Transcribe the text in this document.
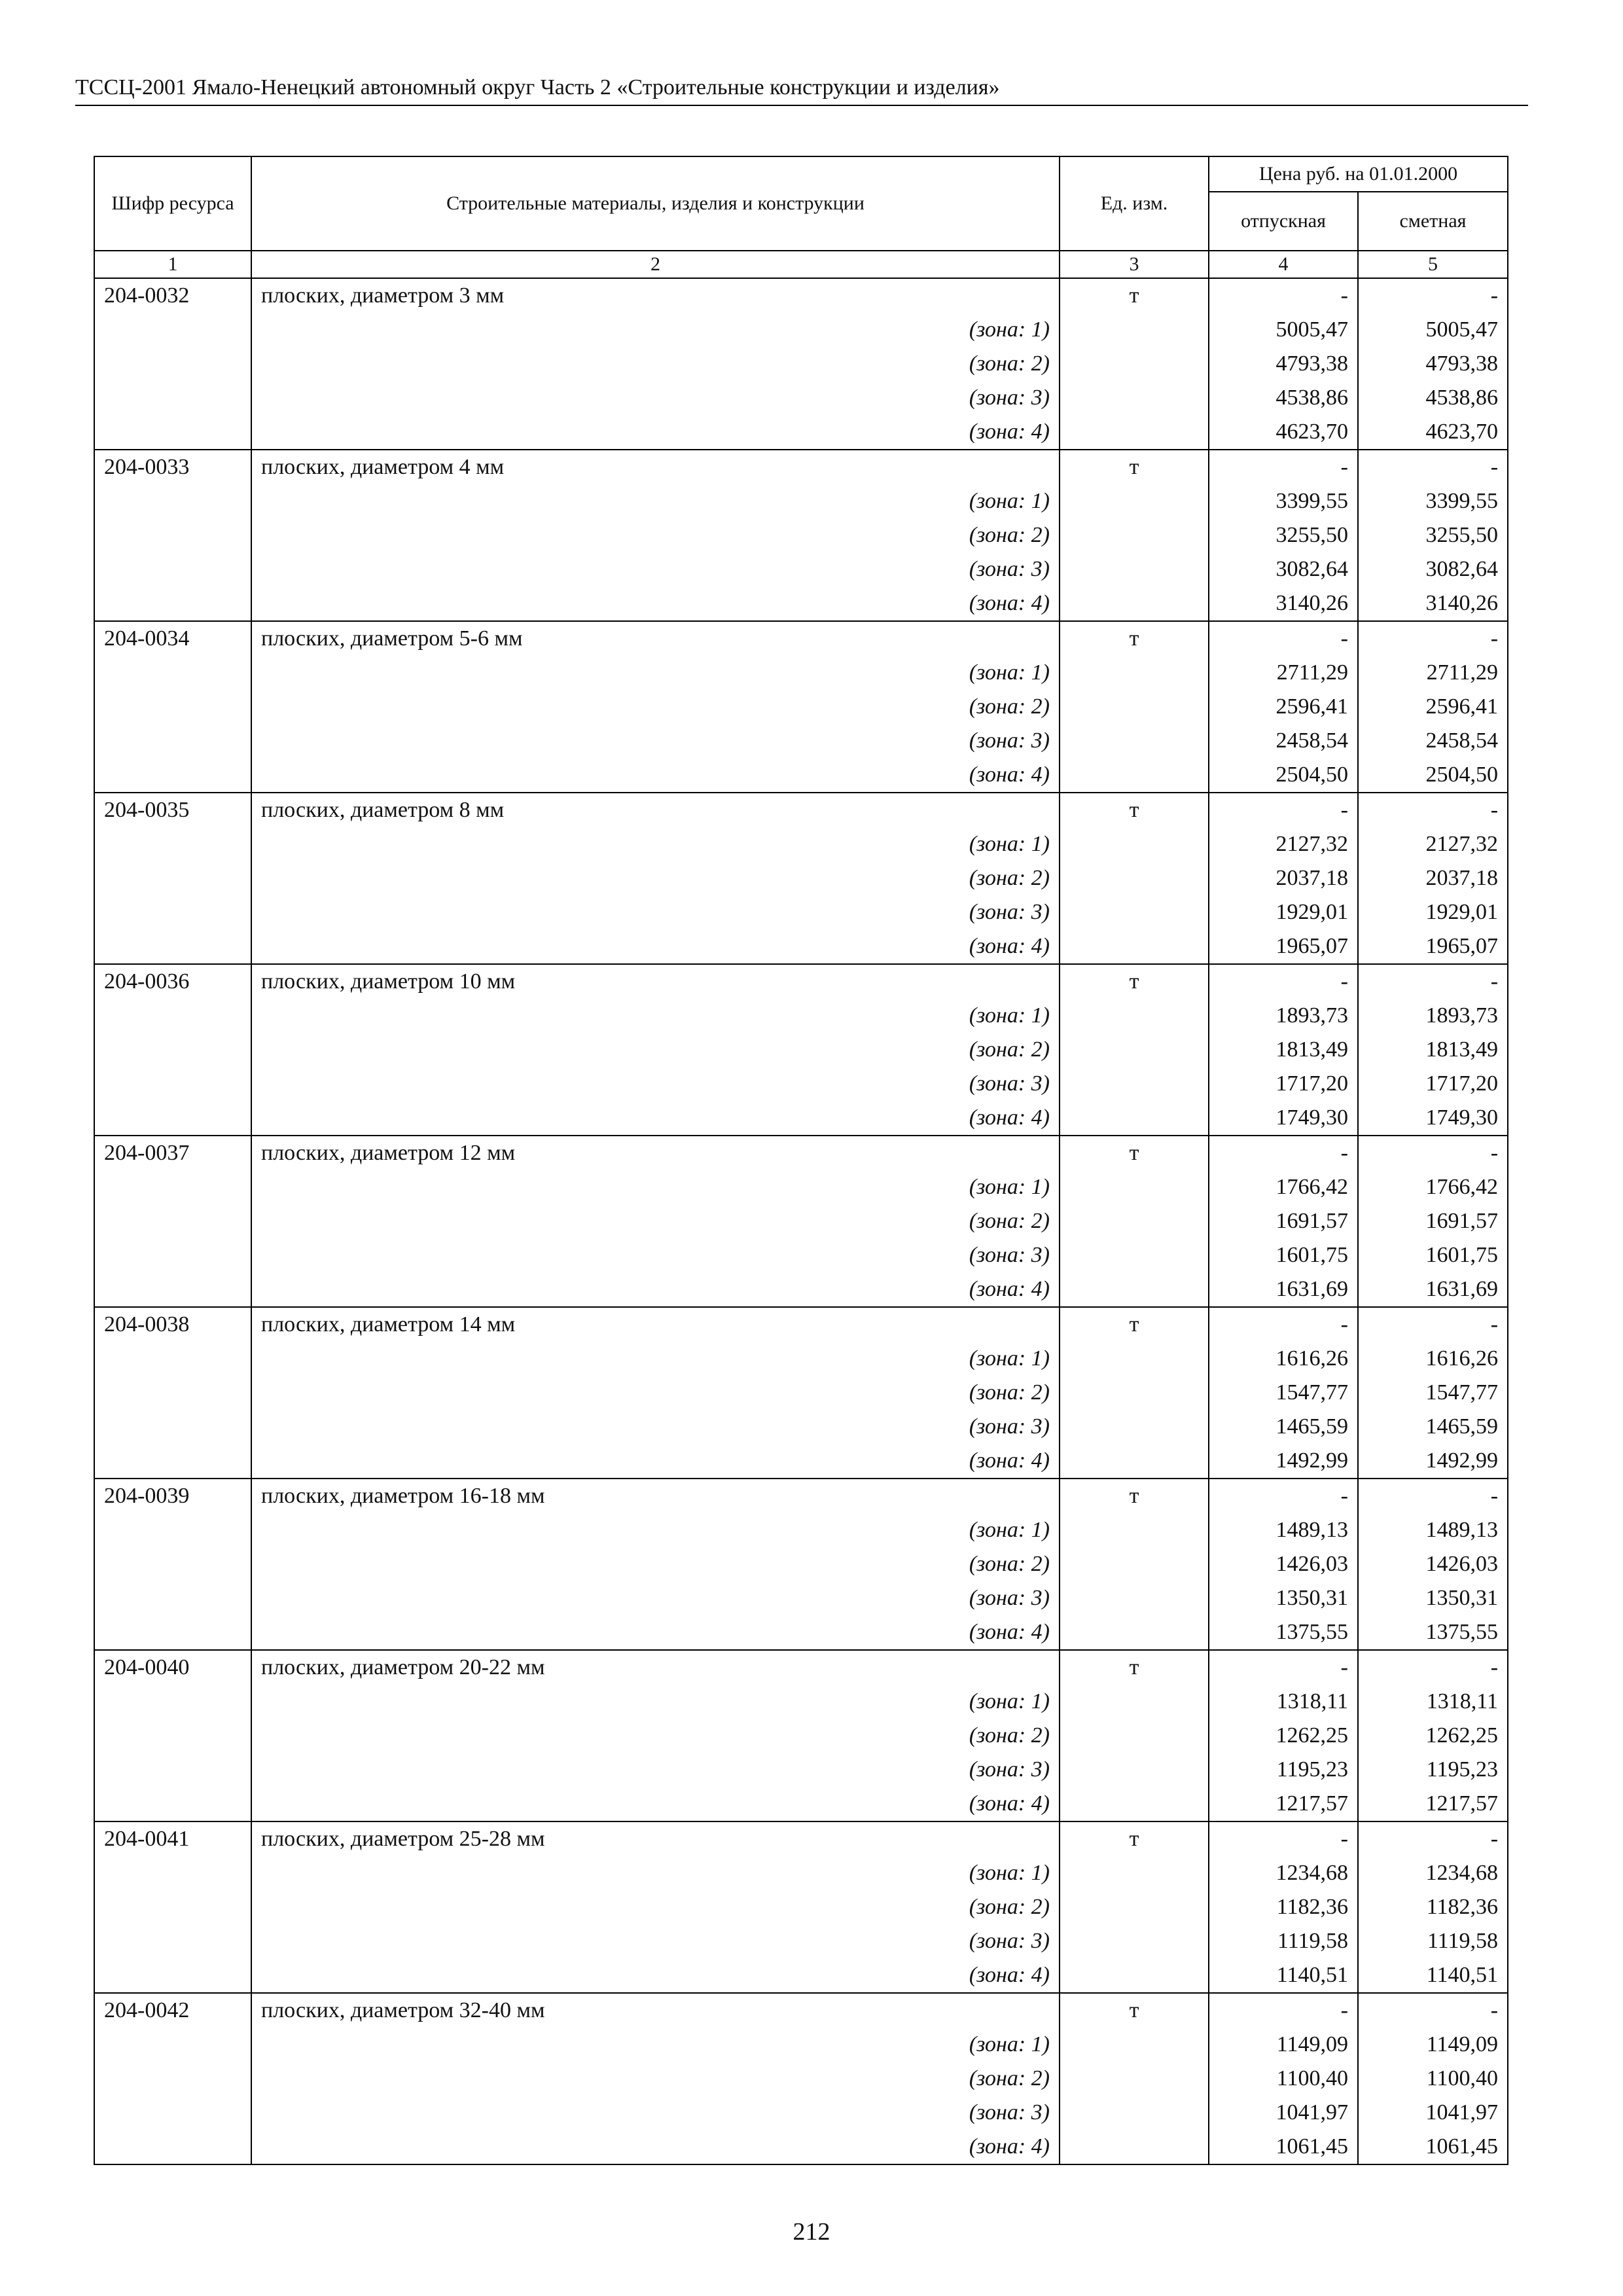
ТССЦ-2001 Ямало-Ненецкий автономный округ Часть 2 «Строительные конструкции и изделия»
Шифр ресурса	Строительные материалы, изделия и конструкции	Ед. изм.	Цена руб. на 01.01.2000	
			отпускная	сметная
1	2	3	4	5
204-0032	плоских, диаметром 3 мм	т	-	-
	(зона: 1)		5005,47	5005,47
	(зона: 2)		4793,38	4793,38
	(зона: 3)		4538,86	4538,86
	(зона: 4)		4623,70	4623,70
204-0033	плоских, диаметром 4 мм	т	-	-
	(зона: 1)		3399,55	3399,55
	(зона: 2)		3255,50	3255,50
	(зона: 3)		3082,64	3082,64
	(зона: 4)		3140,26	3140,26
204-0034	плоских, диаметром 5-6 мм	т	-	-
	(зона: 1)		2711,29	2711,29
	(зона: 2)		2596,41	2596,41
	(зона: 3)		2458,54	2458,54
	(зона: 4)		2504,50	2504,50
204-0035	плоских, диаметром 8 мм	т	-	-
	(зона: 1)		2127,32	2127,32
	(зона: 2)		2037,18	2037,18
	(зона: 3)		1929,01	1929,01
	(зона: 4)		1965,07	1965,07
204-0036	плоских, диаметром 10 мм	т	-	-
	(зона: 1)		1893,73	1893,73
	(зона: 2)		1813,49	1813,49
	(зона: 3)		1717,20	1717,20
	(зона: 4)		1749,30	1749,30
204-0037	плоских, диаметром 12 мм	т	-	-
	(зона: 1)		1766,42	1766,42
	(зона: 2)		1691,57	1691,57
	(зона: 3)		1601,75	1601,75
	(зона: 4)		1631,69	1631,69
204-0038	плоских, диаметром 14 мм	т	-	-
	(зона: 1)		1616,26	1616,26
	(зона: 2)		1547,77	1547,77
	(зона: 3)		1465,59	1465,59
	(зона: 4)		1492,99	1492,99
204-0039	плоских, диаметром 16-18 мм	т	-	-
	(зона: 1)		1489,13	1489,13
	(зона: 2)		1426,03	1426,03
	(зона: 3)		1350,31	1350,31
	(зона: 4)		1375,55	1375,55
204-0040	плоских, диаметром 20-22 мм	т	-	-
	(зона: 1)		1318,11	1318,11
	(зона: 2)		1262,25	1262,25
	(зона: 3)		1195,23	1195,23
	(зона: 4)		1217,57	1217,57
204-0041	плоских, диаметром 25-28 мм	т	-	-
	(зона: 1)		1234,68	1234,68
	(зона: 2)		1182,36	1182,36
	(зона: 3)		1119,58	1119,58
	(зона: 4)		1140,51	1140,51
204-0042	плоских, диаметром 32-40 мм	т	-	-
	(зона: 1)		1149,09	1149,09
	(зона: 2)		1100,40	1100,40
	(зона: 3)		1041,97	1041,97
	(зона: 4)		1061,45	1061,45
212
